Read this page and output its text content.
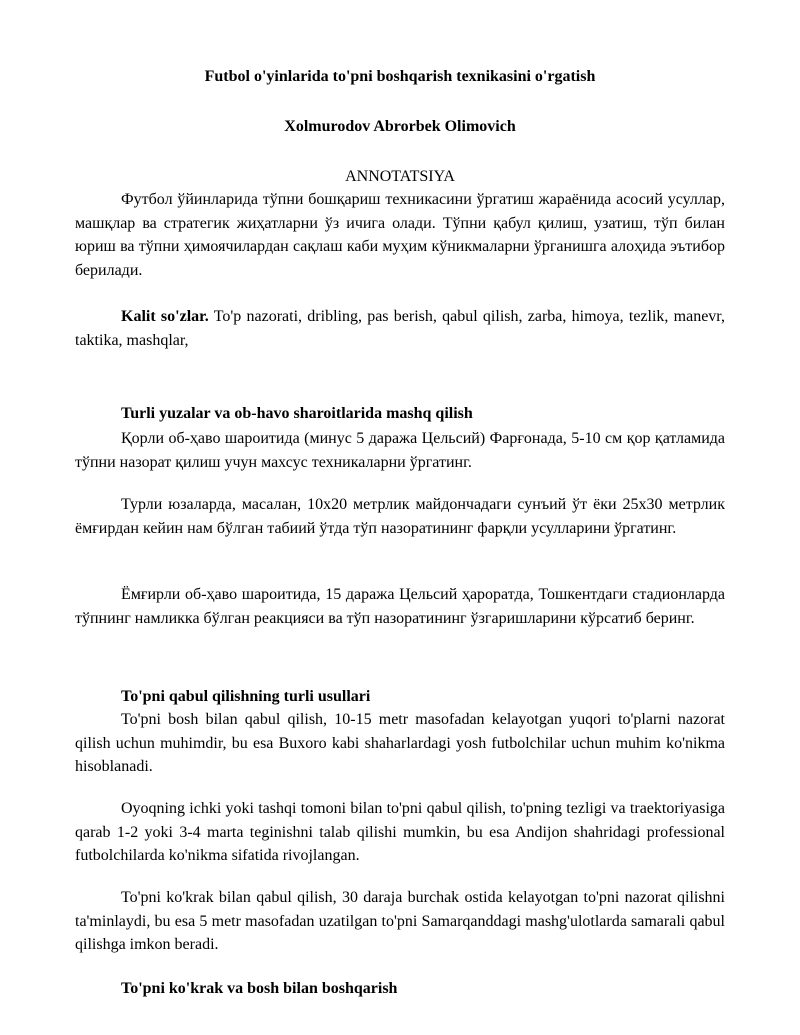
Futbol o'yinlarida to'pni boshqarish texnikasini o'rgatish
Xolmurodov Abrorbek Olimovich
ANNOTATSIYA

Футбол ўйинларида тўпни бошқариш техникасини ўргатиш жараёнида асосий усуллар, машқлар ва стратегик жиҳатларни ўз ичига олади. Тўпни қабул қилиш, узатиш, тўп билан юриш ва тўпни ҳимоячилардан сақлаш каби муҳим кўникмаларни ўрганишга алоҳида эътибор берилади.

Kalit so'zlar. To'p nazorati, dribling, pas berish, qabul qilish, zarba, himoya, tezlik, manevr, taktika, mashqlar,

Turli yuzalar va ob-havo sharoitlarida mashq qilish

Қорли об-ҳаво шароитида (минус 5 даража Цельсий) Фарғонада, 5-10 см қор қатламида тўпни назорат қилиш учун махсус техникаларни ўргатинг.

Турли юзаларда, масалан, 10x20 метрлик майдончадаги сунъий ўт ёки 25x30 метрлик ёмғирдан кейин нам бўлган табиий ўтда тўп назоратининг фарқли усулларини ўргатинг.

Ёмғирли об-ҳаво шароитида, 15 даража Цельсий ҳароратда, Тошкентдаги стадионларда тўпнинг намликка бўлган реакцияси ва тўп назоратининг ўзгаришларини кўрсатиб беринг.

To'pni qabul qilishning turli usullari

To'pni bosh bilan qabul qilish, 10-15 metr masofadan kelayotgan yuqori to'plarni nazorat qilish uchun muhimdir, bu esa Buxoro kabi shaharlardagi yosh futbolchilar uchun muhim ko'nikma hisoblanadi.

Oyoqning ichki yoki tashqi tomoni bilan to'pni qabul qilish, to'pning tezligi va traektoriyasiga qarab 1-2 yoki 3-4 marta teginishni talab qilishi mumkin, bu esa Andijon shahridagi professional futbolchilarda ko'nikma sifatida rivojlangan.

To'pni ko'krak bilan qabul qilish, 30 daraja burchak ostida kelayotgan to'pni nazorat qilishni ta'minlaydi, bu esa 5 metr masofadan uzatilgan to'pni Samarqanddagi mashg'ulotlarda samarali qabul qilishga imkon beradi.

To'pni ko'krak va bosh bilan boshqarish
